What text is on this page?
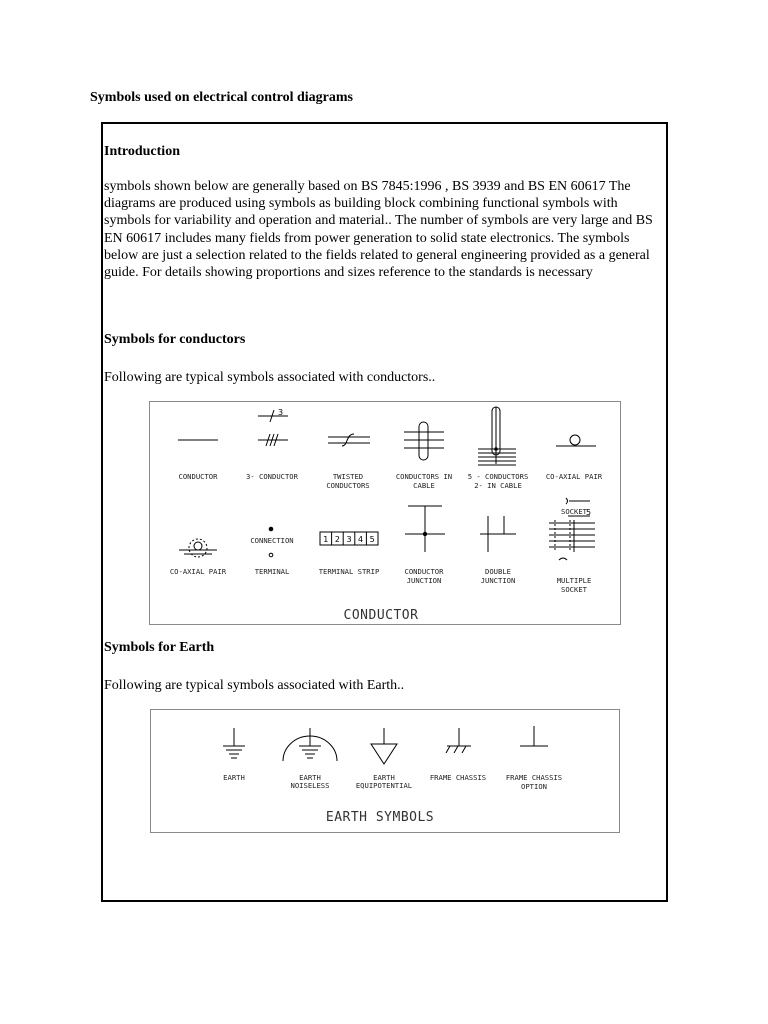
Symbols used on electrical control diagrams
Introduction

symbols shown below are generally based on BS 7845:1996 , BS 3939 and BS EN 60617 The diagrams are produced using symbols as building block combining functional symbols with symbols for variability and operation and material.. The number of symbols are very large and BS EN 60617 includes many fields from power generation to solid state electronics. The symbols below are just a selection related to the fields related to general engineering provided as a general guide. For details showing proportions and sizes reference to the standards is necessary

Symbols for conductors

Following are typical symbols associated with conductors..

CONDUCTOR
3
3- CONDUCTOR	TWISTED
CONDUCTORS
CONDUCTORS IN
CABLE
5 - CONDUCTORS
2- IN CABLE
CO-AXIAL PAIR
CO-AXIAL PAIR
CONNECTION
TERMINAL
1 2 3 4 5
TERMINAL STRIP	CONDUCTOR
JUNCTION
DOUBLE
JUNCTION
SOCKET 5
MULTIPLE
SOCKET
CONDUCTOR
Symbols for Earth

Following are typical symbols associated with Earth..

EARTH	EARTH
NOISELESS
EARTH
EQUIPOTENTIAL
FRAME CHASSIS	FRAME CHASSIS
OPTION
EARTH SYMBOLS
